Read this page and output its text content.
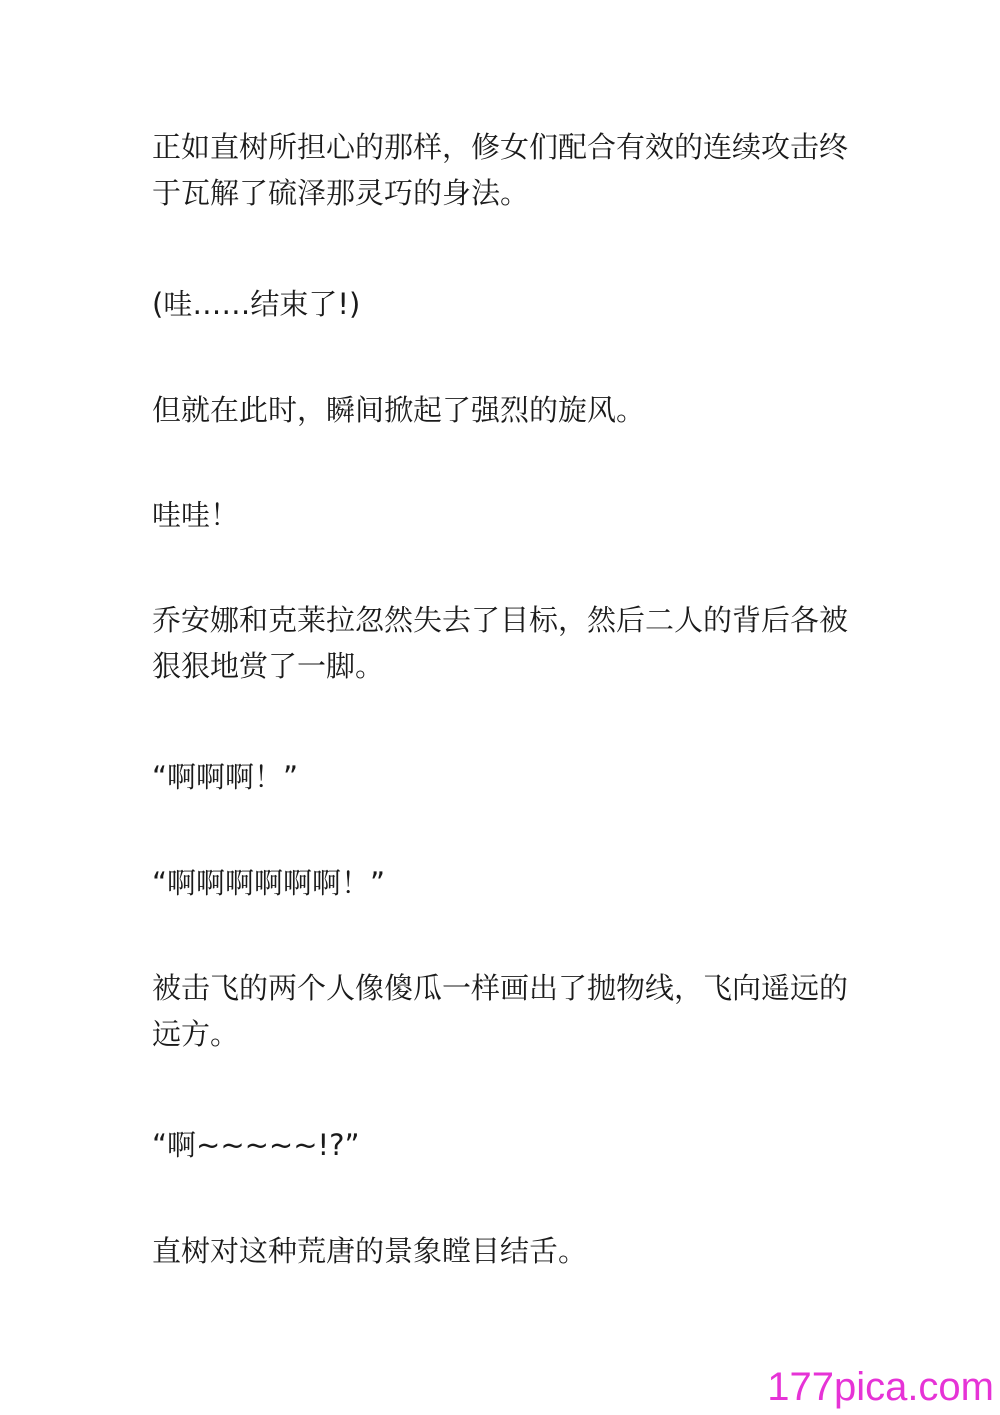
正如直树所担心的那样，修女们配合有效的连续攻击终于瓦解了硫泽那灵巧的身法。

(哇……结束了!)

但就在此时，瞬间掀起了强烈的旋风。

哇哇！

乔安娜和克莱拉忽然失去了目标，然后二人的背后各被狠狠地赏了一脚。

“啊啊啊！”

“啊啊啊啊啊啊！”

被击飞的两个人像傻瓜一样画出了抛物线，飞向遥远的远方。

“啊~~~~~!?”

直树对这种荒唐的景象瞠目结舌。

177pica.com
